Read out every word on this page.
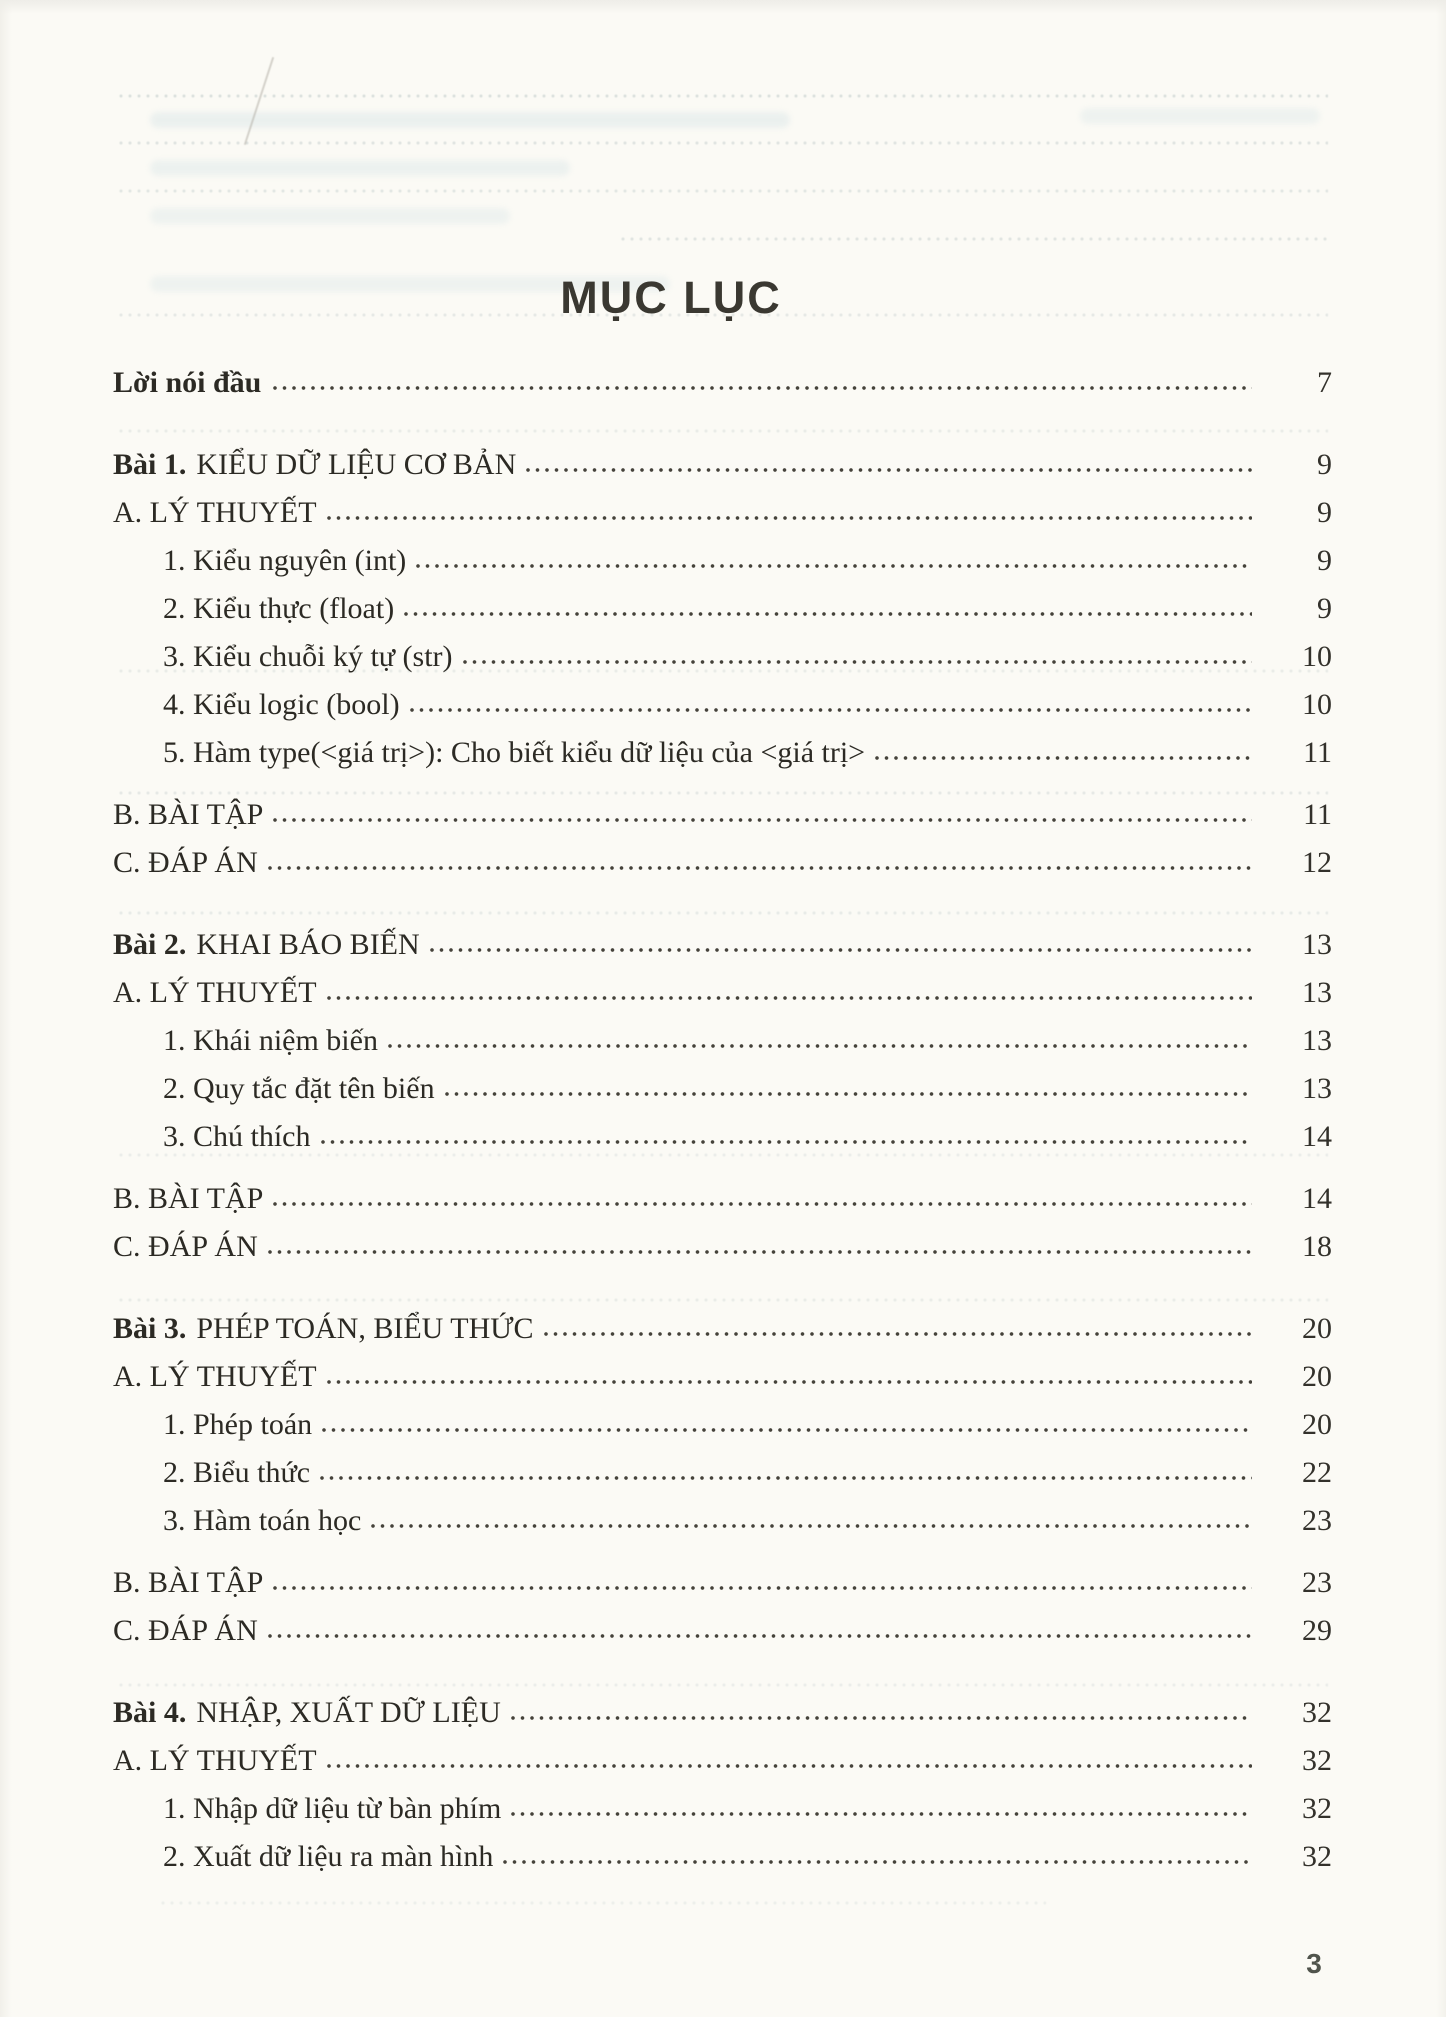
MỤC LỤC
Lời nói đầu	7
Bài 1. KIỂU DỮ LIỆU CƠ BẢN	9
A. LÝ THUYẾT	9
1. Kiểu nguyên (int)	9
2. Kiểu thực (float)	9
3. Kiểu chuỗi ký tự (str)	10
4. Kiểu logic (bool)	10
5. Hàm type(<giá trị>): Cho biết kiểu dữ liệu của <giá trị>	11
B. BÀI TẬP	11
C. ĐÁP ÁN	12
Bài 2. KHAI BÁO BIẾN	13
A. LÝ THUYẾT	13
1. Khái niệm biến	13
2. Quy tắc đặt tên biến	13
3. Chú thích	14
B. BÀI TẬP	14
C. ĐÁP ÁN	18
Bài 3. PHÉP TOÁN, BIỂU THỨC	20
A. LÝ THUYẾT	20
1. Phép toán	20
2. Biểu thức	22
3. Hàm toán học	23
B. BÀI TẬP	23
C. ĐÁP ÁN	29
Bài 4. NHẬP, XUẤT DỮ LIỆU	32
A. LÝ THUYẾT	32
1. Nhập dữ liệu từ bàn phím	32
2. Xuất dữ liệu ra màn hình	32
3
